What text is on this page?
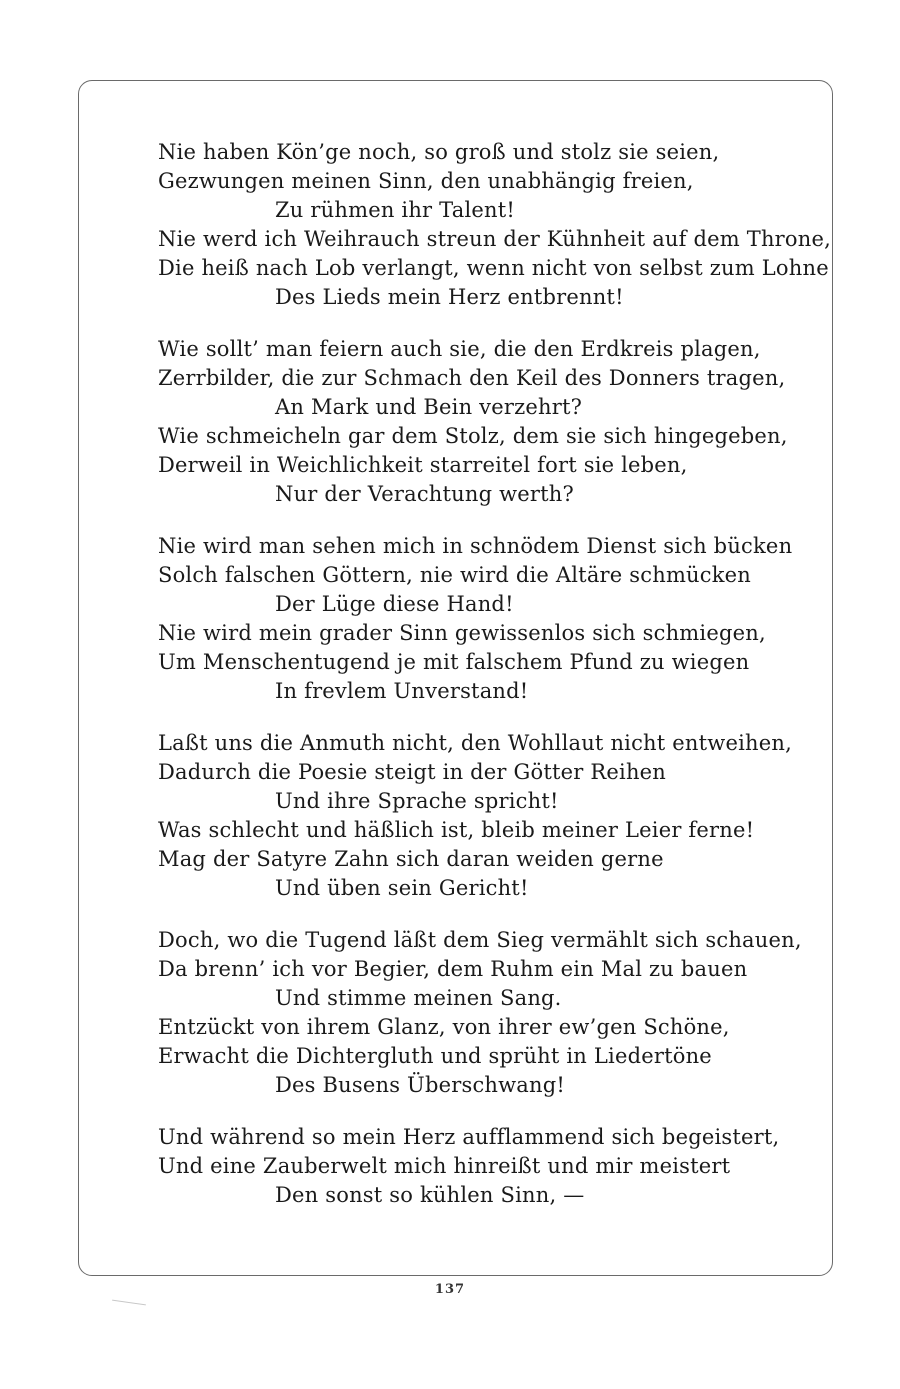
Nie haben Kön’ge noch, so groß und stolz sie seien,
Gezwungen meinen Sinn, den unabhängig freien,
Zu rühmen ihr Talent!
Nie werd ich Weihrauch streun der Kühnheit auf dem Throne,
Die heiß nach Lob verlangt, wenn nicht von selbst zum Lohne
Des Lieds mein Herz entbrennt!
Wie sollt’ man feiern auch sie, die den Erdkreis plagen,
Zerrbilder, die zur Schmach den Keil des Donners tragen,
An Mark und Bein verzehrt?
Wie schmeicheln gar dem Stolz, dem sie sich hingegeben,
Derweil in Weichlichkeit starreitel fort sie leben,
Nur der Verachtung werth?
Nie wird man sehen mich in schnödem Dienst sich bücken
Solch falschen Göttern, nie wird die Altäre schmücken
Der Lüge diese Hand!
Nie wird mein grader Sinn gewissenlos sich schmiegen,
Um Menschentugend je mit falschem Pfund zu wiegen
In frevlem Unverstand!
Laßt uns die Anmuth nicht, den Wohllaut nicht entweihen,
Dadurch die Poesie steigt in der Götter Reihen
Und ihre Sprache spricht!
Was schlecht und häßlich ist, bleib meiner Leier ferne!
Mag der Satyre Zahn sich daran weiden gerne
Und üben sein Gericht!
Doch, wo die Tugend läßt dem Sieg vermählt sich schauen,
Da brenn’ ich vor Begier, dem Ruhm ein Mal zu bauen
Und stimme meinen Sang.
Entzückt von ihrem Glanz, von ihrer ew’gen Schöne,
Erwacht die Dichtergluth und sprüht in Liedertöne
Des Busens Überschwang!
Und während so mein Herz aufflammend sich begeistert,
Und eine Zauberwelt mich hinreißt und mir meistert
Den sonst so kühlen Sinn, —
137
